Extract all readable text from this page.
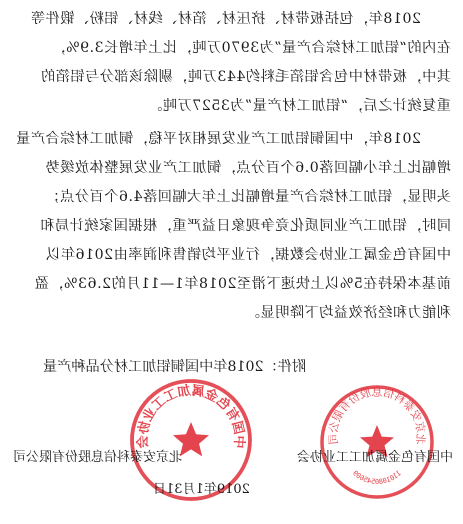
2018年，包括板带材、挤压材、箔材、线材、铝粉、锻件等
在内的“铝加工材综合产量”为3970万吨，比上年增长3.9%，
其中，板带材中包含铝箔毛料约443万吨，剔除该部分与铝箔的
重复统计之后，“铝加工材产量”为3527万吨。
2018年，中国铜铝加工产业发展相对平稳，铜加工材综合产量
增幅比上年小幅回落0.6个百分点，铜加工产业发展整体放缓势
头明显，铝加工材综合产量增幅比上年大幅回落4.6个百分点；
同时，铝加工产业同质化竞争现象日益严重，根据国家统计局和
中国有色金属工业协会数据，行业平均销售利润率由2016年以
前基本保持在5%以上快速下滑至2018年1—11月的2.63%，盈
利能力和经济效益均下降明显。
附件：2018年中国铜铝加工材分品种产量
北京安泰科信息股份有限公司
1101080545609
中国有色金属加工工业协会
中国有色金属加工工业协会
北京安泰科信息股份有限公司
2019年1月31日
